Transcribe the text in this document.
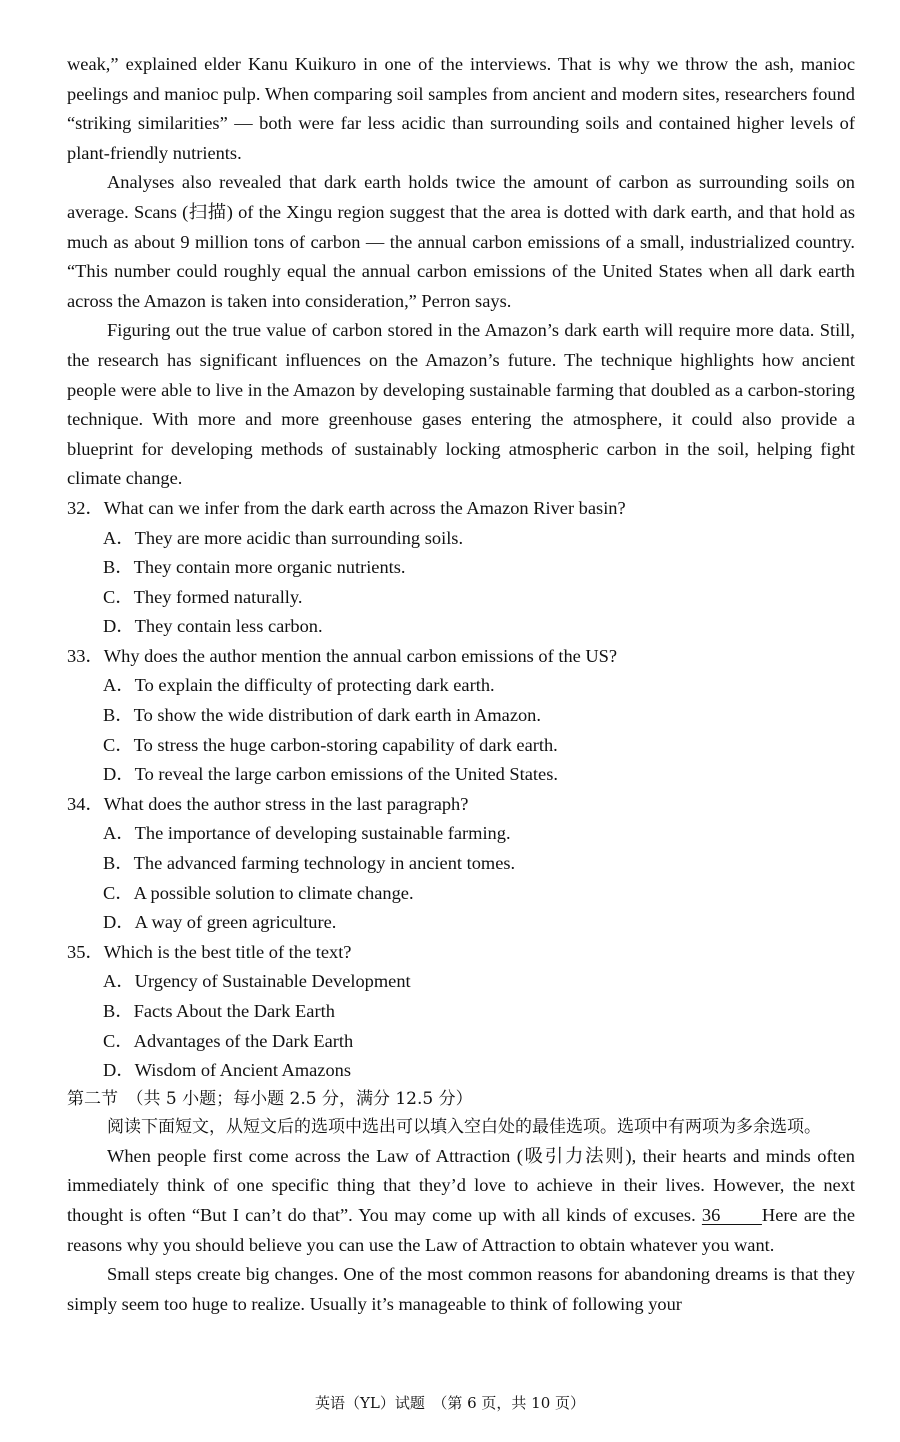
weak,” explained elder Kanu Kuikuro in one of the interviews. That is why we throw the ash, manioc peelings and manioc pulp. When comparing soil samples from ancient and modern sites, researchers found “striking similarities” — both were far less acidic than surrounding soils and contained higher levels of plant-friendly nutrients.

Analyses also revealed that dark earth holds twice the amount of carbon as surrounding soils on average. Scans (扫描) of the Xingu region suggest that the area is dotted with dark earth, and that hold as much as about 9 million tons of carbon — the annual carbon emissions of a small, industrialized country. “This number could roughly equal the annual carbon emissions of the United States when all dark earth across the Amazon is taken into consideration,” Perron says.

Figuring out the true value of carbon stored in the Amazon’s dark earth will require more data. Still, the research has significant influences on the Amazon’s future. The technique highlights how ancient people were able to live in the Amazon by developing sustainable farming that doubled as a carbon-storing technique. With more and more greenhouse gases entering the atmosphere, it could also provide a blueprint for developing methods of sustainably locking atmospheric carbon in the soil, helping fight climate change.

32．What can we infer from the dark earth across the Amazon River basin?
A．They are more acidic than surrounding soils.
B．They contain more organic nutrients.
C．They formed naturally.
D．They contain less carbon.
33．Why does the author mention the annual carbon emissions of the US?
A．To explain the difficulty of protecting dark earth.
B．To show the wide distribution of dark earth in Amazon.
C．To stress the huge carbon-storing capability of dark earth.
D．To reveal the large carbon emissions of the United States.
34．What does the author stress in the last paragraph?
A．The importance of developing sustainable farming.
B．The advanced farming technology in ancient tomes.
C．A possible solution to climate change.
D．A way of green agriculture.
35．Which is the best title of the text?
A．Urgency of Sustainable Development
B．Facts About the Dark Earth
C．Advantages of the Dark Earth
D．Wisdom of Ancient Amazons
第二节　（共 5 小题；每小题 2.5 分，满分 12.5 分）

阅读下面短文，从短文后的选项中选出可以填入空白处的最佳选项。选项中有两项为多余选项。

When people first come across the Law of Attraction (吸引力法则), their hearts and minds often immediately think of one specific thing that they’d love to achieve in their lives. However, the next thought is often “But I can’t do that”. You may come up with all kinds of excuses. 36　　Here are the reasons why you should believe you can use the Law of Attraction to obtain whatever you want.

Small steps create big changes. One of the most common reasons for abandoning dreams is that they simply seem too huge to realize. Usually it’s manageable to think of following your

英语（YL）试题　（第 6 页，共 10 页）
